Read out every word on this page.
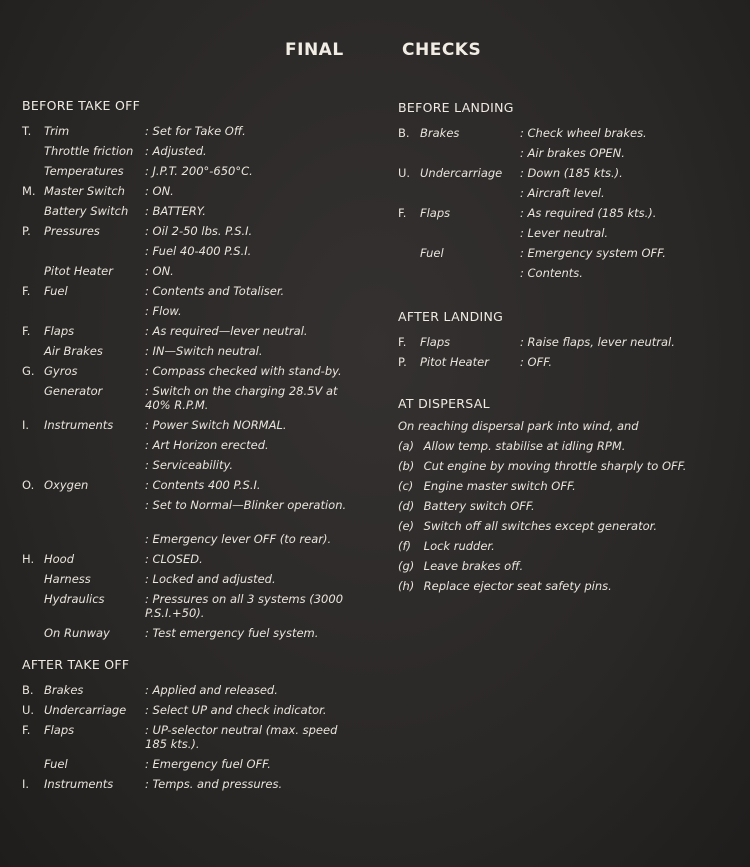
FINAL	CHECKS
BEFORE TAKE OFF
T. Trim	: Set for Take Off.
Throttle friction : Adjusted.
Temperatures : J.P.T. 200°-650°C.
M. Master Switch : ON.
Battery Switch : BATTERY.
P. Pressures	: Oil 2-50 lbs. P.S.I.
: Fuel 40-400 P.S.I.
Pitot Heater	: ON.
F. Fuel	: Contents and Totaliser.
: Flow.
F. Flaps	: As required—lever neutral.
Air Brakes	: IN—Switch neutral.
G. Gyros	: Compass checked with stand-by.
Generator	: Switch on the charging 28.5V at 40% R.P.M.
I. Instruments	: Power Switch NORMAL.
: Art Horizon erected.
: Serviceability.
O. Oxygen	: Contents 400 P.S.I.
: Set to Normal—Blinker operation.
: Emergency lever OFF (to rear).
H. Hood	: CLOSED.
Harness	: Locked and adjusted.
Hydraulics	: Pressures on all 3 systems (3000 P.S.I.+50).
On Runway	: Test emergency fuel system.
AFTER TAKE OFF
B. Brakes	: Applied and released.
U. Undercarriage : Select UP and check indicator.
F. Flaps	: UP-selector neutral (max. speed 185 kts.).
Fuel	: Emergency fuel OFF.
I. Instruments	: Temps. and pressures.
BEFORE LANDING
B. Brakes	: Check wheel brakes.
: Air brakes OPEN.
U. Undercarriage : Down (185 kts.).
: Aircraft level.
F. Flaps	: As required (185 kts.).
: Lever neutral.
Fuel	: Emergency system OFF.
: Contents.
AFTER LANDING
F. Flaps	: Raise flaps, lever neutral.
P. Pitot Heater	: OFF.
AT DISPERSAL
On reaching dispersal park into wind, and
(a) Allow temp. stabilise at idling RPM.
(b) Cut engine by moving throttle sharply to OFF.
(c) Engine master switch OFF.
(d) Battery switch OFF.
(e) Switch off all switches except generator.
(f) Lock rudder.
(g) Leave brakes off.
(h) Replace ejector seat safety pins.
